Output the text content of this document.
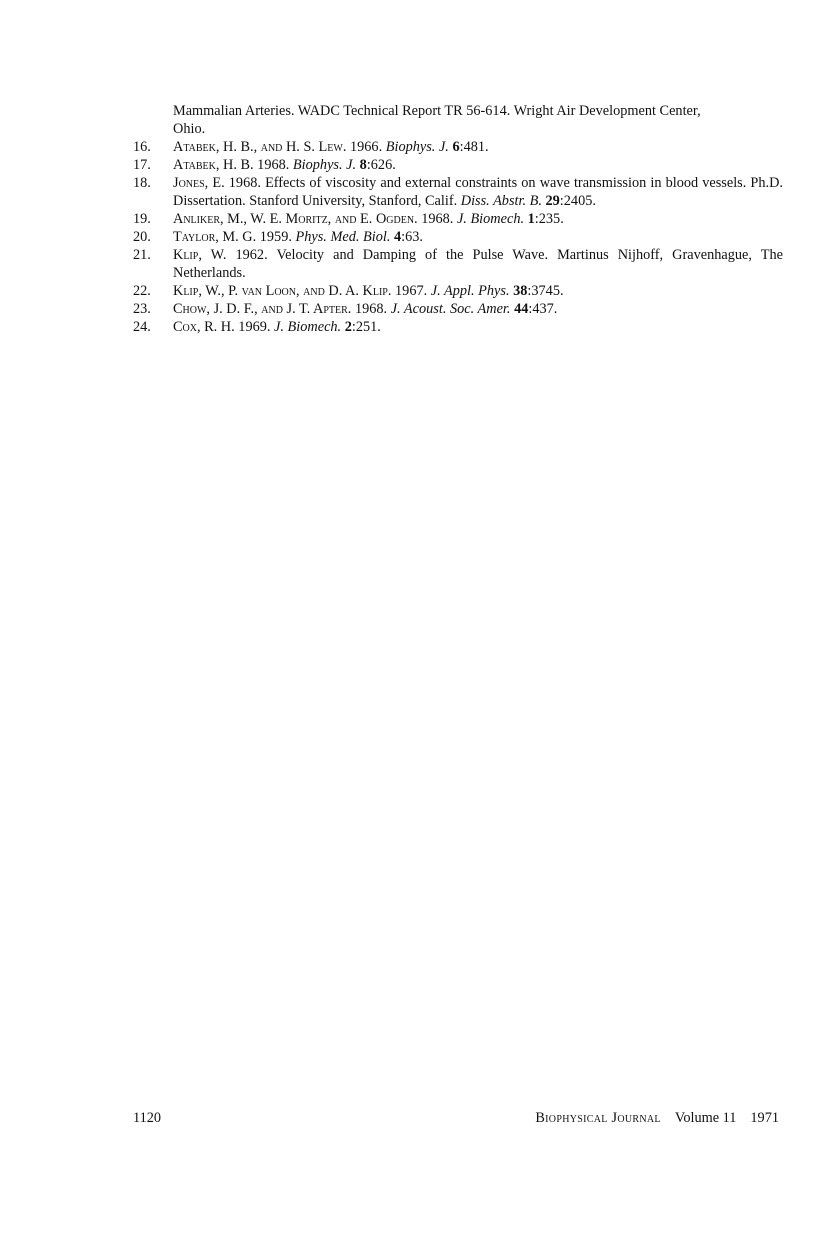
Mammalian Arteries. WADC Technical Report TR 56-614. Wright Air Development Center,
Ohio.
16.	Atabek, H. B., and H. S. Lew. 1966. Biophys. J. 6:481.
17.	Atabek, H. B. 1968. Biophys. J. 8:626.
18.	Jones, E. 1968. Effects of viscosity and external constraints on wave transmission in blood vessels. Ph.D. Dissertation. Stanford University, Stanford, Calif. Diss. Abstr. B. 29:2405.
19.	Anliker, M., W. E. Moritz, and E. Ogden. 1968. J. Biomech. 1:235.
20.	Taylor, M. G. 1959. Phys. Med. Biol. 4:63.
21.	Klip, W. 1962. Velocity and Damping of the Pulse Wave. Martinus Nijhoff, Gravenhague, The Netherlands.
22.	Klip, W., P. van Loon, and D. A. Klip. 1967. J. Appl. Phys. 38:3745.
23.	Chow, J. D. F., and J. T. Apter. 1968. J. Acoust. Soc. Amer. 44:437.
24.	Cox, R. H. 1969. J. Biomech. 2:251.
1120	Biophysical Journal Volume 11 1971
